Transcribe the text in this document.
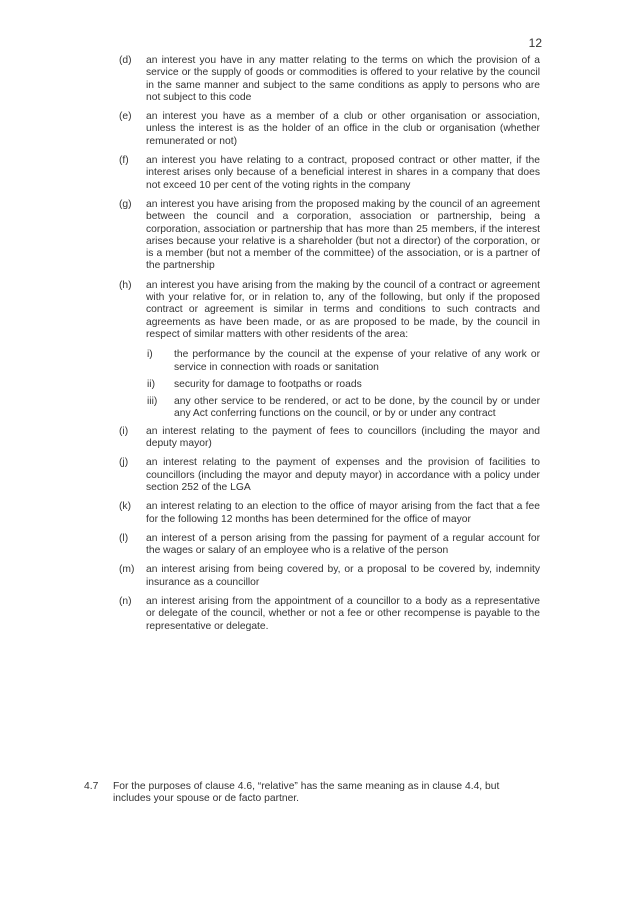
12
(d) an interest you have in any matter relating to the terms on which the provision of a service or the supply of goods or commodities is offered to your relative by the council in the same manner and subject to the same conditions as apply to persons who are not subject to this code
(e) an interest you have as a member of a club or other organisation or association, unless the interest is as the holder of an office in the club or organisation (whether remunerated or not)
(f) an interest you have relating to a contract, proposed contract or other matter, if the interest arises only because of a beneficial interest in shares in a company that does not exceed 10 per cent of the voting rights in the company
(g) an interest you have arising from the proposed making by the council of an agreement between the council and a corporation, association or partnership, being a corporation, association or partnership that has more than 25 members, if the interest arises because your relative is a shareholder (but not a director) of the corporation, or is a member (but not a member of the committee) of the association, or is a partner of the partnership
(h) an interest you have arising from the making by the council of a contract or agreement with your relative for, or in relation to, any of the following, but only if the proposed contract or agreement is similar in terms and conditions to such contracts and agreements as have been made, or as are proposed to be made, by the council in respect of similar matters with other residents of the area:
i) the performance by the council at the expense of your relative of any work or service in connection with roads or sanitation
ii) security for damage to footpaths or roads
iii) any other service to be rendered, or act to be done, by the council by or under any Act conferring functions on the council, or by or under any contract
(i) an interest relating to the payment of fees to councillors (including the mayor and deputy mayor)
(j) an interest relating to the payment of expenses and the provision of facilities to councillors (including the mayor and deputy mayor) in accordance with a policy under section 252 of the LGA
(k) an interest relating to an election to the office of mayor arising from the fact that a fee for the following 12 months has been determined for the office of mayor
(l) an interest of a person arising from the passing for payment of a regular account for the wages or salary of an employee who is a relative of the person
(m) an interest arising from being covered by, or a proposal to be covered by, indemnity insurance as a councillor
(n) an interest arising from the appointment of a councillor to a body as a representative or delegate of the council, whether or not a fee or other recompense is payable to the representative or delegate.
4.7 For the purposes of clause 4.6, “relative” has the same meaning as in clause 4.4, but includes your spouse or de facto partner.
